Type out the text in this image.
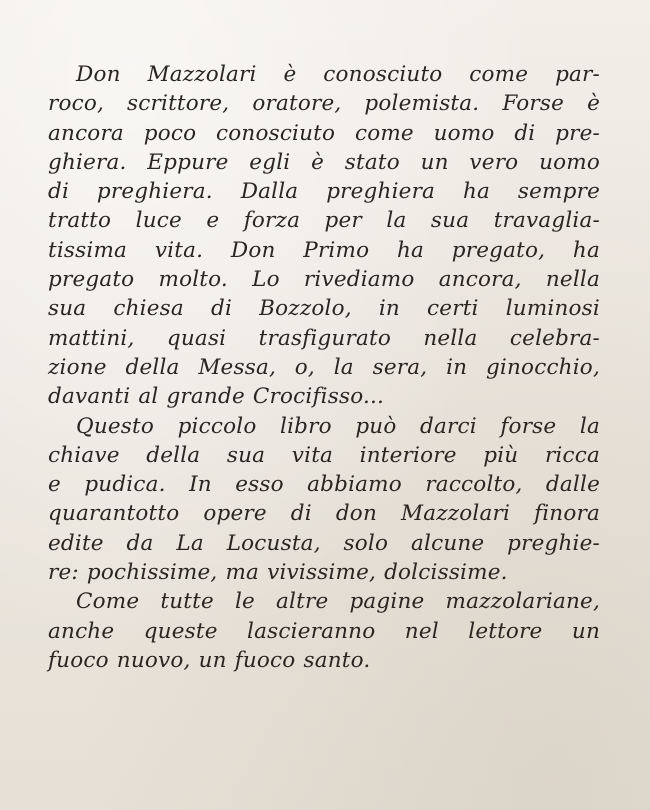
Don Mazzolari è conosciuto come par-
roco, scrittore, oratore, polemista. Forse è
ancora poco conosciuto come uomo di pre-
ghiera. Eppure egli è stato un vero uomo
di preghiera. Dalla preghiera ha sempre
tratto luce e forza per la sua travaglia-
tissima vita. Don Primo ha pregato, ha
pregato molto. Lo rivediamo ancora, nella
sua chiesa di Bozzolo, in certi luminosi
mattini, quasi trasfigurato nella celebra-
zione della Messa, o, la sera, in ginocchio,
davanti al grande Crocifisso...
Questo piccolo libro può darci forse la
chiave della sua vita interiore più ricca
e pudica. In esso abbiamo raccolto, dalle
quarantotto opere di don Mazzolari finora
edite da La Locusta, solo alcune preghie-
re: pochissime, ma vivissime, dolcissime.
Come tutte le altre pagine mazzolariane,
anche queste lascieranno nel lettore un
fuoco nuovo, un fuoco santo.
